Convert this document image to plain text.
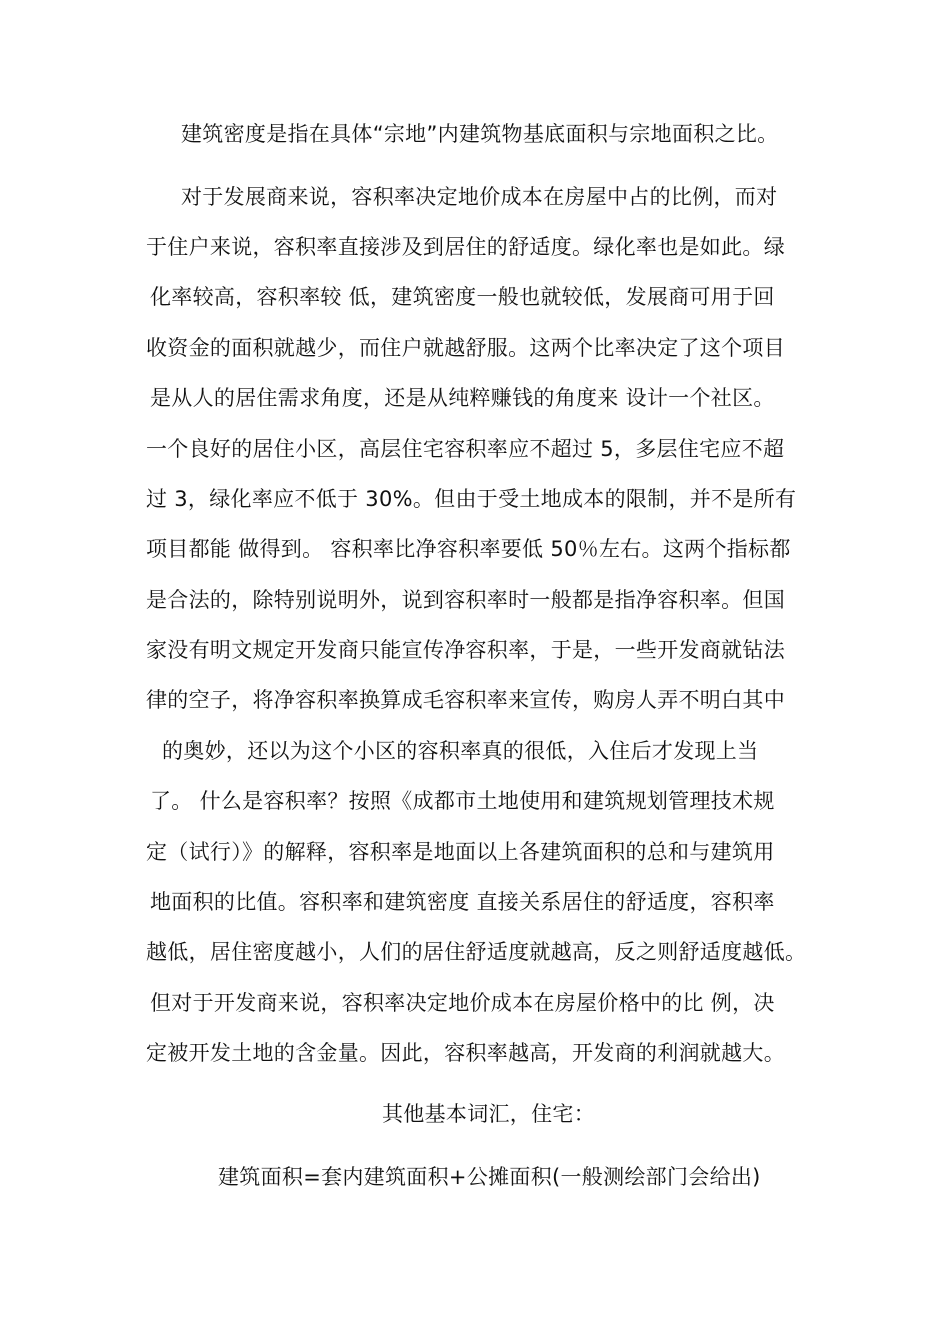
建筑密度是指在具体“宗地”内建筑物基底面积与宗地面积之比。
对于发展商来说，容积率决定地价成本在房屋中占的比例，而对
于住户来说，容积率直接涉及到居住的舒适度。绿化率也是如此。绿
化率较高，容积率较 低，建筑密度一般也就较低，发展商可用于回
收资金的面积就越少，而住户就越舒服。这两个比率决定了这个项目
是从人的居住需求角度，还是从纯粹赚钱的角度来 设计一个社区。
一个良好的居住小区，高层住宅容积率应不超过 5，多层住宅应不超
过 3，绿化率应不低于 30%。但由于受土地成本的限制，并不是所有
项目都能 做得到。 容积率比净容积率要低 50％左右。这两个指标都
是合法的，除特别说明外，说到容积率时一般都是指净容积率。但国
家没有明文规定开发商只能宣传净容积率，于是，一些开发商就钻法
律的空子，将净容积率换算成毛容积率来宣传，购房人弄不明白其中
的奥妙，还以为这个小区的容积率真的很低，入住后才发现上当
了。 什么是容积率？按照《成都市土地使用和建筑规划管理技术规
定（试行）》的解释，容积率是地面以上各建筑面积的总和与建筑用
地面积的比值。容积率和建筑密度 直接关系居住的舒适度，容积率
越低，居住密度越小，人们的居住舒适度就越高，反之则舒适度越低。
但对于开发商来说，容积率决定地价成本在房屋价格中的比 例，决
定被开发土地的含金量。因此，容积率越高，开发商的利润就越大。
其他基本词汇，住宅：
建筑面积=套内建筑面积+公摊面积(一般测绘部门会给出)
